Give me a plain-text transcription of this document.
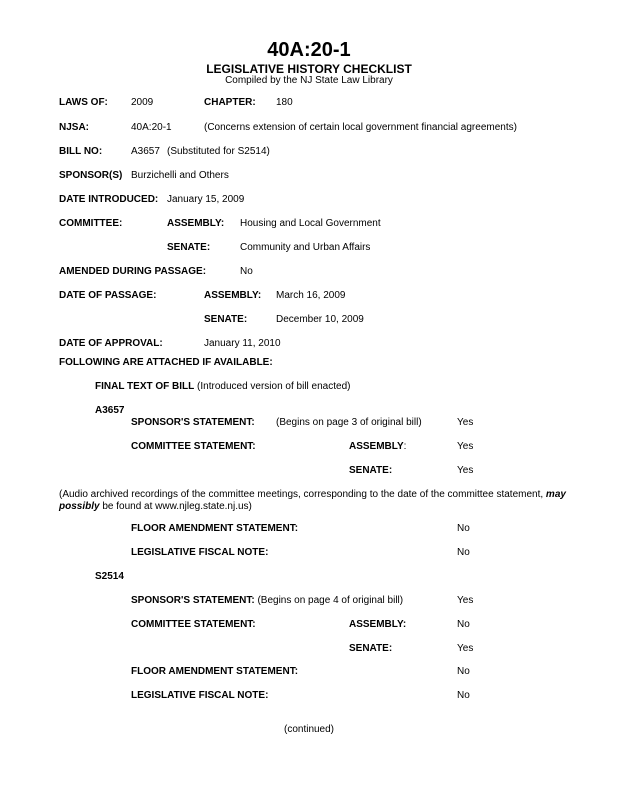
40A:20-1
LEGISLATIVE HISTORY CHECKLIST
Compiled by the NJ State Law Library
LAWS OF: 2009	CHAPTER: 180
NJSA:	40A:20-1	(Concerns extension of certain local government financial agreements)
BILL NO:	A3657 (Substituted for S2514)
SPONSOR(S) Burzichelli and Others
DATE INTRODUCED: January 15, 2009
COMMITTEE:	ASSEMBLY: Housing and Local Government
SENATE:	Community and Urban Affairs
AMENDED DURING PASSAGE:	No
DATE OF PASSAGE:	ASSEMBLY: March 16, 2009
SENATE:	December 10, 2009
DATE OF APPROVAL:	January 11, 2010
FOLLOWING ARE ATTACHED IF AVAILABLE:
FINAL TEXT OF BILL (Introduced version of bill enacted)
A3657
SPONSOR'S STATEMENT: (Begins on page 3 of original bill)	Yes
COMMITTEE STATEMENT:	ASSEMBLY:	Yes
SENATE:	Yes
(Audio archived recordings of the committee meetings, corresponding to the date of the committee statement, may possibly be found at www.njleg.state.nj.us)
FLOOR AMENDMENT STATEMENT:	No
LEGISLATIVE FISCAL NOTE:	No
S2514
SPONSOR'S STATEMENT: (Begins on page 4 of original bill)	Yes
COMMITTEE STATEMENT:	ASSEMBLY:	No
SENATE:	Yes
FLOOR AMENDMENT STATEMENT:	No
LEGISLATIVE FISCAL NOTE:	No
(continued)
